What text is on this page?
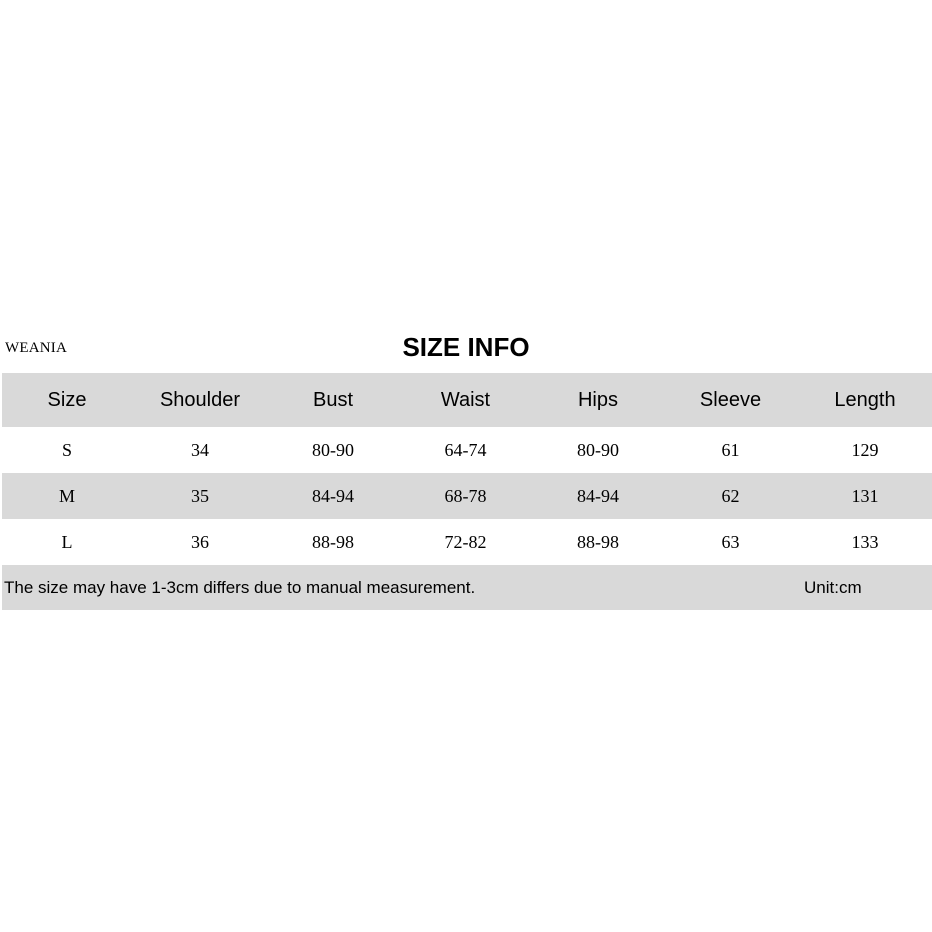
WEANIA	SIZE INFO
Size	Shoulder	Bust	Waist	Hips	Sleeve	Length
S	34	80-90	64-74	80-90	61	129
M	35	84-94	68-78	84-94	62	131
L	36	88-98	72-82	88-98	63	133
The size may have 1-3cm differs due to manual measurement.	Unit:cm
